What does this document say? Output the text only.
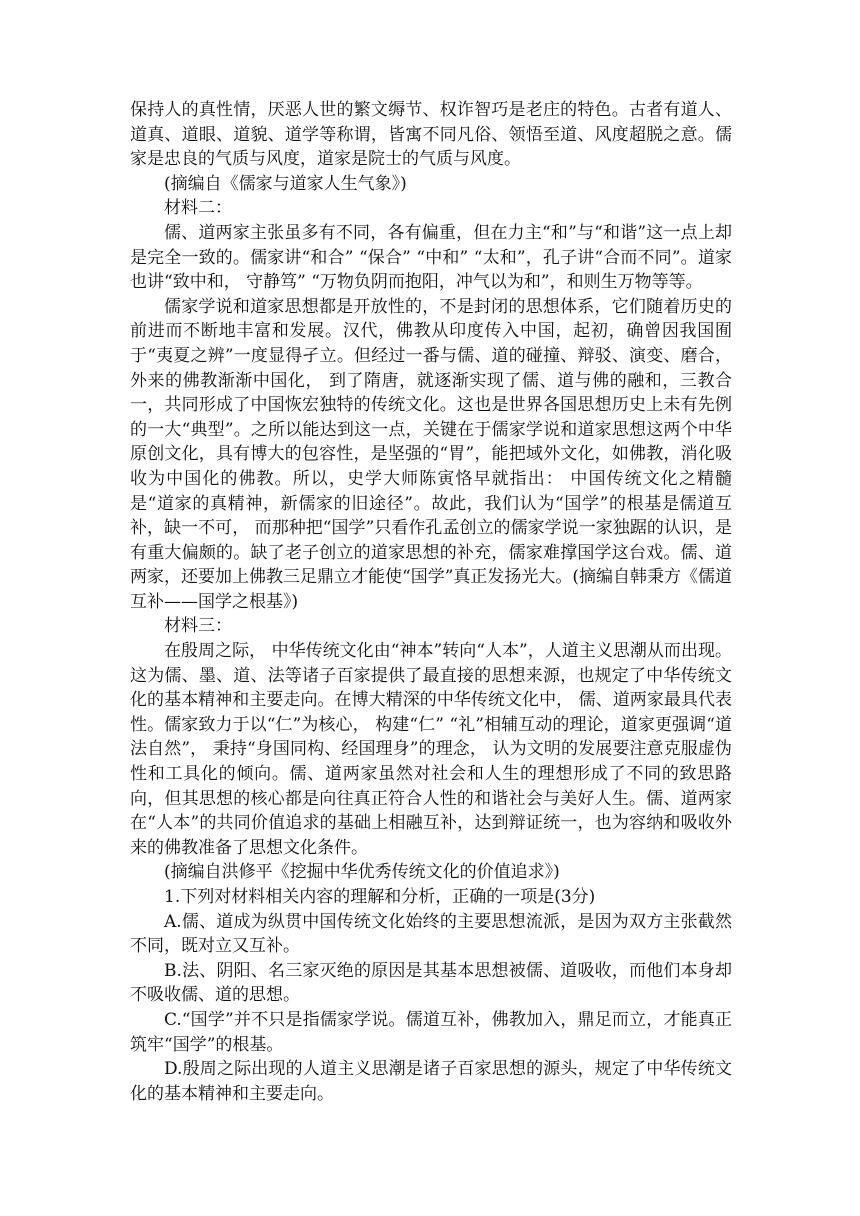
保持人的真性情，厌恶人世的繁文缛节、权诈智巧是老庄的特色。古者有道人、道真、道眼、道貌、道学等称谓，皆寓不同凡俗、领悟至道、风度超脱之意。儒家是忠良的气质与风度，道家是院士的气质与风度。

(摘编自《儒家与道家人生气象》)

材料二：

儒、道两家主张虽多有不同，各有偏重，但在力主“和”与“和谐”这一点上却是完全一致的。儒家讲“和合” “保合” “中和” “太和”，孔子讲“合而不同”。道家也讲“致中和， 守静笃” “万物负阴而抱阳，冲气以为和”，和则生万物等等。

儒家学说和道家思想都是开放性的，不是封闭的思想体系，它们随着历史的前进而不断地丰富和发展。汉代，佛教从印度传入中国，起初，确曾因我国囿于“夷夏之辨”一度显得孑立。但经过一番与儒、道的碰撞、辩驳、演变、磨合，外来的佛教渐渐中国化， 到了隋唐，就逐渐实现了儒、道与佛的融和，三教合一，共同形成了中国恢宏独特的传统文化。这也是世界各国思想历史上未有先例的一大“典型”。之所以能达到这一点，关键在于儒家学说和道家思想这两个中华原创文化，具有博大的包容性，是坚强的“胃”，能把域外文化，如佛教，消化吸收为中国化的佛教。所以，史学大师陈寅恪早就指出： 中国传统文化之精髓是“道家的真精神，新儒家的旧途径”。故此，我们认为“国学”的根基是儒道互补，缺一不可， 而那种把“国学”只看作孔孟创立的儒家学说一家独踞的认识，是有重大偏颇的。缺了老子创立的道家思想的补充，儒家难撑国学这台戏。儒、道两家，还要加上佛教三足鼎立才能使“国学”真正发扬光大。(摘编自韩秉方《儒道互补——国学之根基》)

材料三：

在殷周之际， 中华传统文化由“神本”转向“人本”，人道主义思潮从而出现。这为儒、墨、道、法等诸子百家提供了最直接的思想来源，也规定了中华传统文化的基本精神和主要走向。在博大精深的中华传统文化中， 儒、道两家最具代表性。儒家致力于以“仁”为核心， 构建“仁” “礼”相辅互动的理论，道家更强调“道法自然”， 秉持“身国同构、经国理身”的理念， 认为文明的发展要注意克服虚伪性和工具化的倾向。儒、道两家虽然对社会和人生的理想形成了不同的致思路向，但其思想的核心都是向往真正符合人性的和谐社会与美好人生。儒、道两家在“人本”的共同价值追求的基础上相融互补，达到辩证统一，也为容纳和吸收外来的佛教准备了思想文化条件。

(摘编自洪修平《挖掘中华优秀传统文化的价值追求》)

1.下列对材料相关内容的理解和分析，正确的一项是(3分)

A.儒、道成为纵贯中国传统文化始终的主要思想流派，是因为双方主张截然不同，既对立又互补。

B.法、阴阳、名三家灭绝的原因是其基本思想被儒、道吸收，而他们本身却不吸收儒、道的思想。

C.“国学”并不只是指儒家学说。儒道互补，佛教加入，鼎足而立，才能真正筑牢“国学”的根基。

D.殷周之际出现的人道主义思潮是诸子百家思想的源头，规定了中华传统文化的基本精神和主要走向。
